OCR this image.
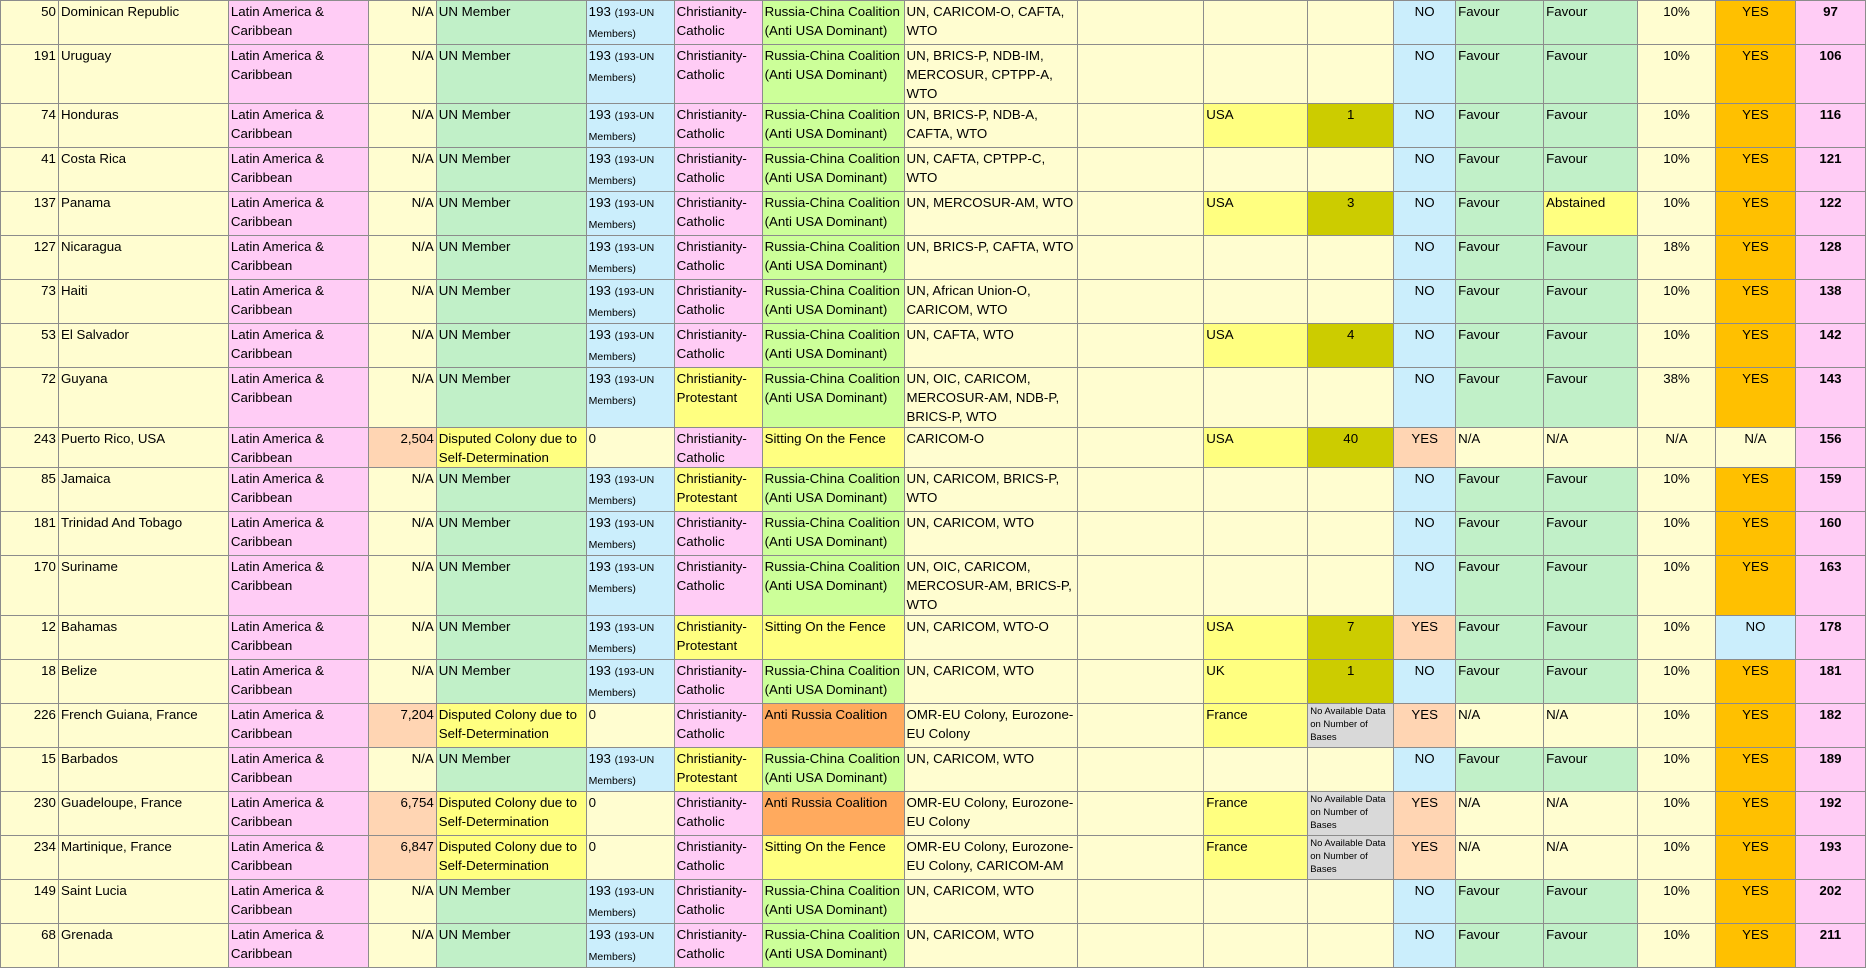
50	Dominican Republic	Latin America & Caribbean	N/A	UN Member	193 (193-UN Members)	Christianity-Catholic	Russia-China Coalition (Anti USA Dominant)	UN, CARICOM-O, CAFTA, WTO				NO	Favour	Favour	10%	YES	97
191	Uruguay	Latin America & Caribbean	N/A	UN Member	193 (193-UN Members)	Christianity-Catholic	Russia-China Coalition (Anti USA Dominant)	UN, BRICS-P, NDB-IM, MERCOSUR, CPTPP-A, WTO				NO	Favour	Favour	10%	YES	106
74	Honduras	Latin America & Caribbean	N/A	UN Member	193 (193-UN Members)	Christianity-Catholic	Russia-China Coalition (Anti USA Dominant)	UN, BRICS-P, NDB-A, CAFTA, WTO		USA	1	NO	Favour	Favour	10%	YES	116
41	Costa Rica	Latin America & Caribbean	N/A	UN Member	193 (193-UN Members)	Christianity-Catholic	Russia-China Coalition (Anti USA Dominant)	UN, CAFTA, CPTPP-C, WTO				NO	Favour	Favour	10%	YES	121
137	Panama	Latin America & Caribbean	N/A	UN Member	193 (193-UN Members)	Christianity-Catholic	Russia-China Coalition (Anti USA Dominant)	UN, MERCOSUR-AM, WTO		USA	3	NO	Favour	Abstained	10%	YES	122
127	Nicaragua	Latin America & Caribbean	N/A	UN Member	193 (193-UN Members)	Christianity-Catholic	Russia-China Coalition (Anti USA Dominant)	UN, BRICS-P, CAFTA, WTO				NO	Favour	Favour	18%	YES	128
73	Haiti	Latin America & Caribbean	N/A	UN Member	193 (193-UN Members)	Christianity-Catholic	Russia-China Coalition (Anti USA Dominant)	UN, African Union-O, CARICOM, WTO				NO	Favour	Favour	10%	YES	138
53	El Salvador	Latin America & Caribbean	N/A	UN Member	193 (193-UN Members)	Christianity-Catholic	Russia-China Coalition (Anti USA Dominant)	UN, CAFTA, WTO		USA	4	NO	Favour	Favour	10%	YES	142
72	Guyana	Latin America & Caribbean	N/A	UN Member	193 (193-UN Members)	Christianity-Protestant	Russia-China Coalition (Anti USA Dominant)	UN, OIC, CARICOM, MERCOSUR-AM, NDB-P, BRICS-P, WTO				NO	Favour	Favour	38%	YES	143
243	Puerto Rico, USA	Latin America & Caribbean	2,504	Disputed Colony due to Self-Determination	0	Christianity-Catholic	Sitting On the Fence	CARICOM-O		USA	40	YES	N/A	N/A	N/A	N/A	156
85	Jamaica	Latin America & Caribbean	N/A	UN Member	193 (193-UN Members)	Christianity-Protestant	Russia-China Coalition (Anti USA Dominant)	UN, CARICOM, BRICS-P, WTO				NO	Favour	Favour	10%	YES	159
181	Trinidad And Tobago	Latin America & Caribbean	N/A	UN Member	193 (193-UN Members)	Christianity-Catholic	Russia-China Coalition (Anti USA Dominant)	UN, CARICOM, WTO				NO	Favour	Favour	10%	YES	160
170	Suriname	Latin America & Caribbean	N/A	UN Member	193 (193-UN Members)	Christianity-Catholic	Russia-China Coalition (Anti USA Dominant)	UN, OIC, CARICOM, MERCOSUR-AM, BRICS-P, WTO				NO	Favour	Favour	10%	YES	163
12	Bahamas	Latin America & Caribbean	N/A	UN Member	193 (193-UN Members)	Christianity-Protestant	Sitting On the Fence	UN, CARICOM, WTO-O		USA	7	YES	Favour	Favour	10%	NO	178
18	Belize	Latin America & Caribbean	N/A	UN Member	193 (193-UN Members)	Christianity-Catholic	Russia-China Coalition (Anti USA Dominant)	UN, CARICOM, WTO		UK	1	NO	Favour	Favour	10%	YES	181
226	French Guiana, France	Latin America & Caribbean	7,204	Disputed Colony due to Self-Determination	0	Christianity-Catholic	Anti Russia Coalition	OMR-EU Colony, Eurozone-EU Colony		France	No Available Data on Number of Bases	YES	N/A	N/A	10%	YES	182
15	Barbados	Latin America & Caribbean	N/A	UN Member	193 (193-UN Members)	Christianity-Protestant	Russia-China Coalition (Anti USA Dominant)	UN, CARICOM, WTO				NO	Favour	Favour	10%	YES	189
230	Guadeloupe, France	Latin America & Caribbean	6,754	Disputed Colony due to Self-Determination	0	Christianity-Catholic	Anti Russia Coalition	OMR-EU Colony, Eurozone-EU Colony		France	No Available Data on Number of Bases	YES	N/A	N/A	10%	YES	192
234	Martinique, France	Latin America & Caribbean	6,847	Disputed Colony due to Self-Determination	0	Christianity-Catholic	Sitting On the Fence	OMR-EU Colony, Eurozone-EU Colony, CARICOM-AM		France	No Available Data on Number of Bases	YES	N/A	N/A	10%	YES	193
149	Saint Lucia	Latin America & Caribbean	N/A	UN Member	193 (193-UN Members)	Christianity-Catholic	Russia-China Coalition (Anti USA Dominant)	UN, CARICOM, WTO				NO	Favour	Favour	10%	YES	202
68	Grenada	Latin America & Caribbean	N/A	UN Member	193 (193-UN Members)	Christianity-Catholic	Russia-China Coalition (Anti USA Dominant)	UN, CARICOM, WTO				NO	Favour	Favour	10%	YES	211
